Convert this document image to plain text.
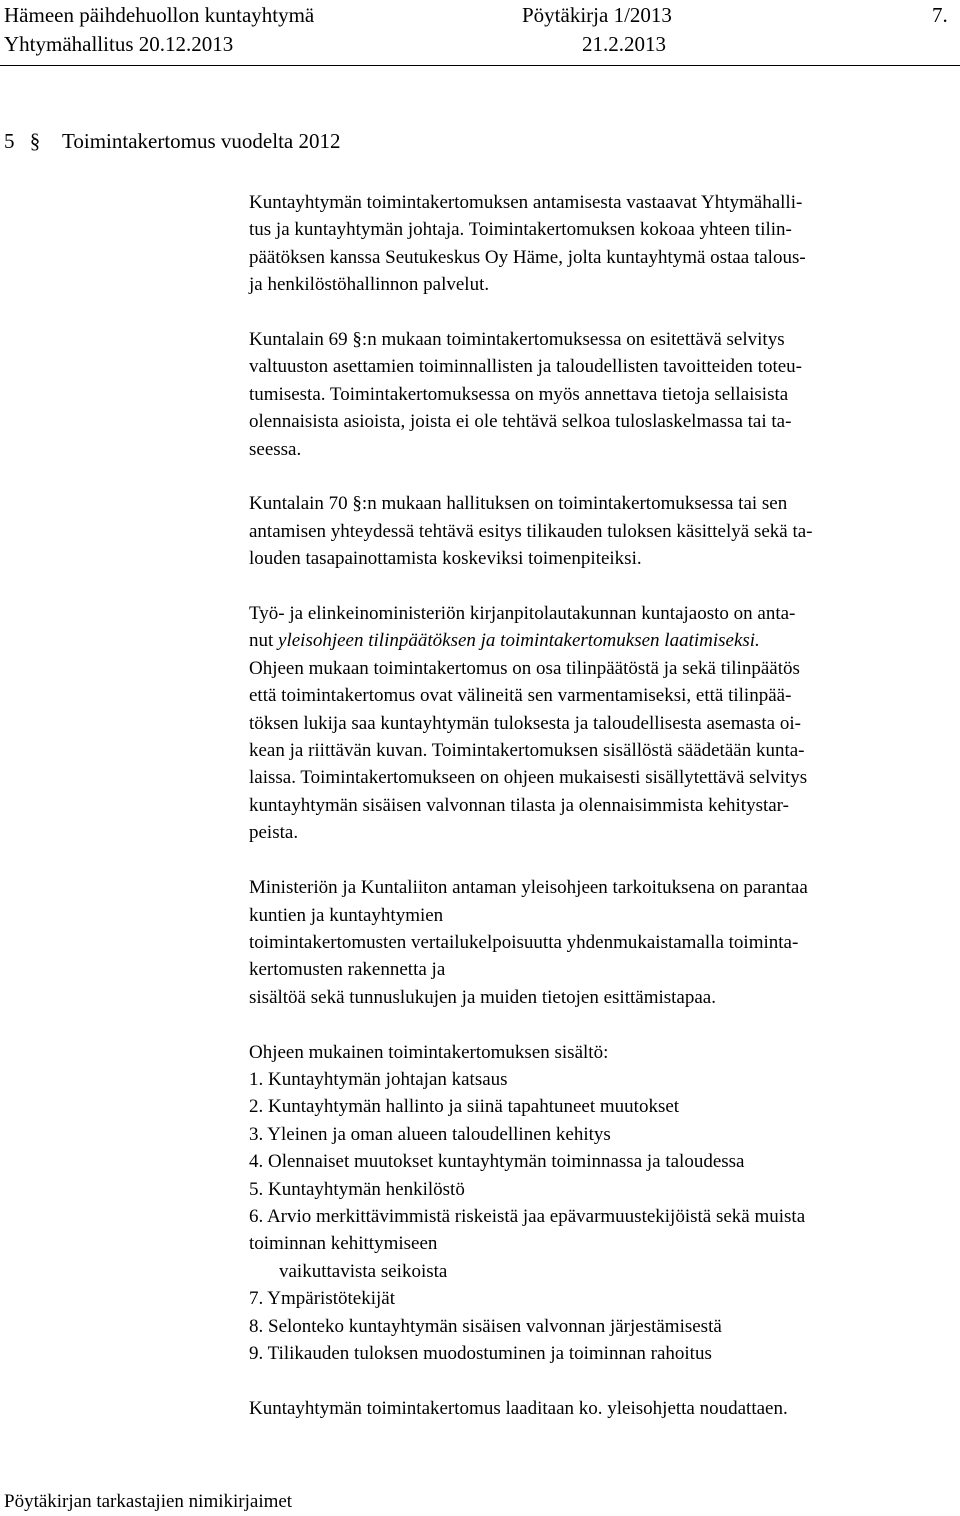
Hämeen päihdehuollon kuntayhtymä	Pöytäkirja 1/2013	7.
Yhtymähallitus 20.12.2013	21.2.2013
5 § Toimintakertomus vuodelta 2012

Kuntayhtymän toimintakertomuksen antamisesta vastaavat Yhtymähalli-
tus ja kuntayhtymän johtaja. Toimintakertomuksen kokoaa yhteen tilin-
päätöksen kanssa Seutukeskus Oy Häme, jolta kuntayhtymä ostaa talous-
ja henkilöstöhallinnon palvelut.

Kuntalain 69 §:n mukaan toimintakertomuksessa on esitettävä selvitys
valtuuston asettamien toiminnallisten ja taloudellisten tavoitteiden toteu-
tumisesta. Toimintakertomuksessa on myös annettava tietoja sellaisista
olennaisista asioista, joista ei ole tehtävä selkoa tuloslaskelmassa tai ta-
seessa.

Kuntalain 70 §:n mukaan hallituksen on toimintakertomuksessa tai sen
antamisen yhteydessä tehtävä esitys tilikauden tuloksen käsittelyä sekä ta-
louden tasapainottamista koskeviksi toimenpiteiksi.

Työ- ja elinkeinoministeriön kirjanpitolautakunnan kuntajaosto on anta-
nut yleisohjeen tilinpäätöksen ja toimintakertomuksen laatimiseksi.
Ohjeen mukaan toimintakertomus on osa tilinpäätöstä ja sekä tilinpäätös
että toimintakertomus ovat välineitä sen varmentamiseksi, että tilinpää-
töksen lukija saa kuntayhtymän tuloksesta ja taloudellisesta asemasta oi-
kean ja riittävän kuvan. Toimintakertomuksen sisällöstä säädetään kunta-
laissa. Toimintakertomukseen on ohjeen mukaisesti sisällytettävä selvitys
kuntayhtymän sisäisen valvonnan tilasta ja olennaisimmista kehitystar-
peista.

Ministeriön ja Kuntaliiton antaman yleisohjeen tarkoituksena on parantaa
kuntien ja kuntayhtymien
toimintakertomusten vertailukelpoisuutta yhdenmukaistamalla toiminta-
kertomusten rakennetta ja
sisältöä sekä tunnuslukujen ja muiden tietojen esittämistapaa.

Ohjeen mukainen toimintakertomuksen sisältö:
1. Kuntayhtymän johtajan katsaus
2. Kuntayhtymän hallinto ja siinä tapahtuneet muutokset
3. Yleinen ja oman alueen taloudellinen kehitys
4. Olennaiset muutokset kuntayhtymän toiminnassa ja taloudessa
5. Kuntayhtymän henkilöstö
6. Arvio merkittävimmistä riskeistä jaa epävarmuustekijöistä sekä muista
toiminnan kehittymiseen
vaikuttavista seikoista
7. Ympäristötekijät
8. Selonteko kuntayhtymän sisäisen valvonnan järjestämisestä
9. Tilikauden tuloksen muodostuminen ja toiminnan rahoitus

Kuntayhtymän toimintakertomus laaditaan ko. yleisohjetta noudattaen.

Pöytäkirjan tarkastajien nimikirjaimet
